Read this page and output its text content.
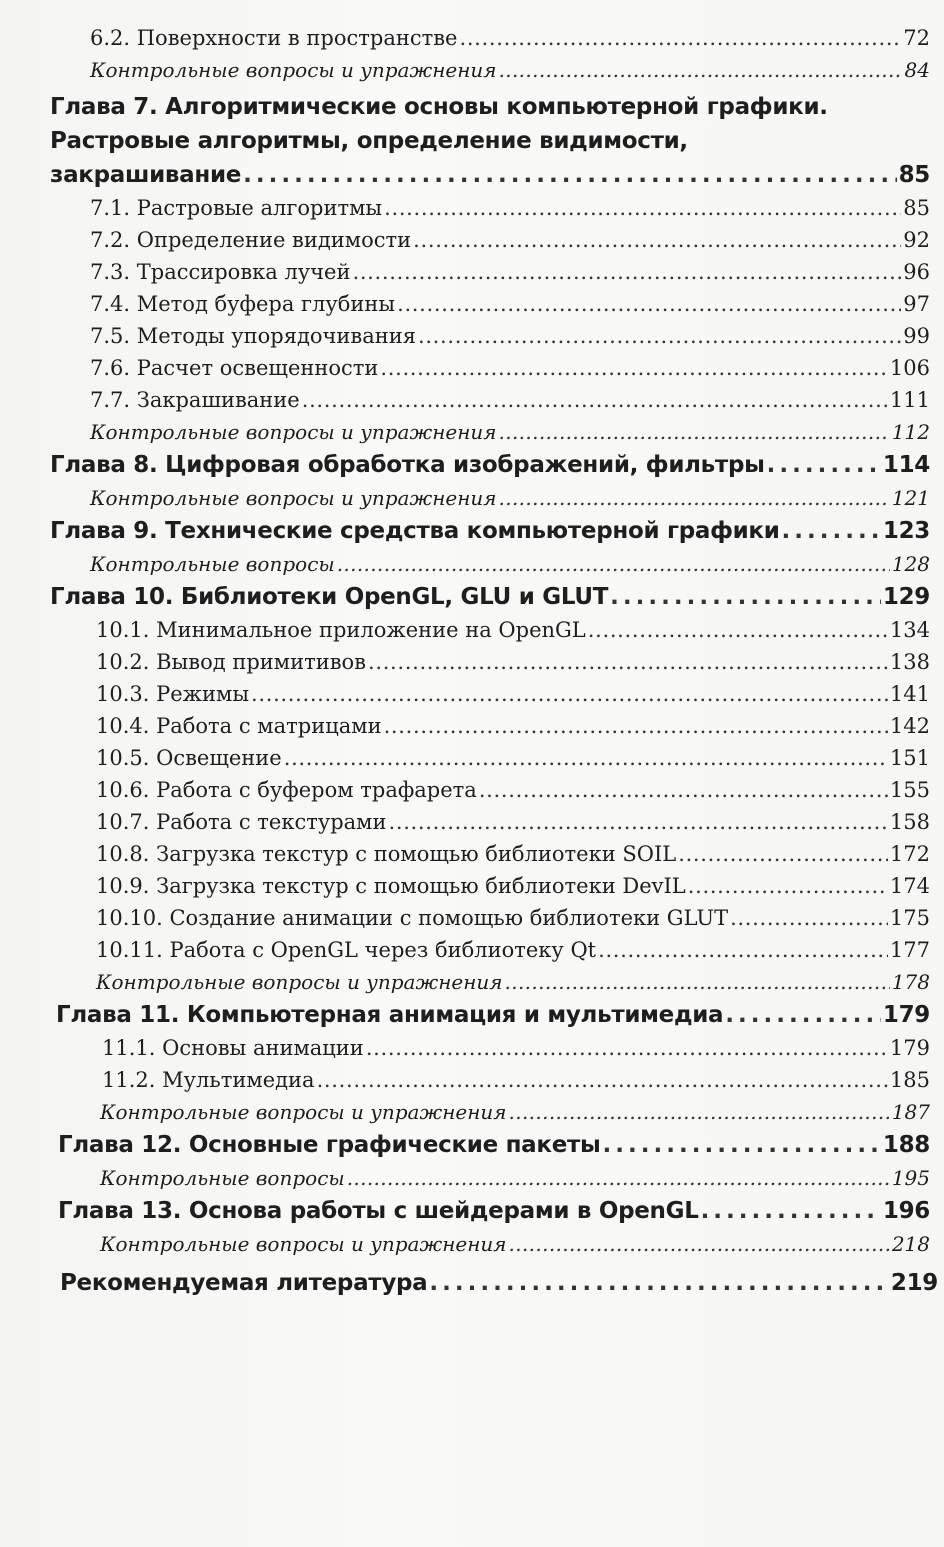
6.2. Поверхности в пространстве . . .	72
Контрольные вопросы и упражнения . . .	84
Глава 7. Алгоритмические основы компьютерной графики.
Растровые алгоритмы, определение видимости,
закрашивание . . .	85
7.1. Растровые алгоритмы . . .	85
7.2. Определение видимости . . .	92
7.3. Трассировка лучей . . .	96
7.4. Метод буфера глубины . . .	97
7.5. Методы упорядочивания . . .	99
7.6. Расчет освещенности . . .	106
7.7. Закрашивание . . .	111
Контрольные вопросы и упражнения . . .	112
Глава 8. Цифровая обработка изображений, фильтры . . .	114
Контрольные вопросы и упражнения . . .	121
Глава 9. Технические средства компьютерной графики . . .	123
Контрольные вопросы . . .	128
Глава 10. Библиотеки OpenGL, GLU и GLUT . . .	129
10.1. Минимальное приложение на OpenGL . . .	134
10.2. Вывод примитивов . . .	138
10.3. Режимы . . .	141
10.4. Работа с матрицами . . .	142
10.5. Освещение . . .	151
10.6. Работа с буфером трафарета . . .	155
10.7. Работа с текстурами . . .	158
10.8. Загрузка текстур с помощью библиотеки SOIL . . .	172
10.9. Загрузка текстур с помощью библиотеки DevIL . . .	174
10.10. Создание анимации с помощью библиотеки GLUT . . .	175
10.11. Работа с OpenGL через библиотеку Qt . . .	177
Контрольные вопросы и упражнения . . .	178
Глава 11. Компьютерная анимация и мультимедиа . . .	179
11.1. Основы анимации . . .	179
11.2. Мультимедиа . . .	185
Контрольные вопросы и упражнения . . .	187
Глава 12. Основные графические пакеты . . .	188
Контрольные вопросы . . .	195
Глава 13. Основа работы с шейдерами в OpenGL . . .	196
Контрольные вопросы и упражнения . . .	218
Рекомендуемая литература . . .	219
